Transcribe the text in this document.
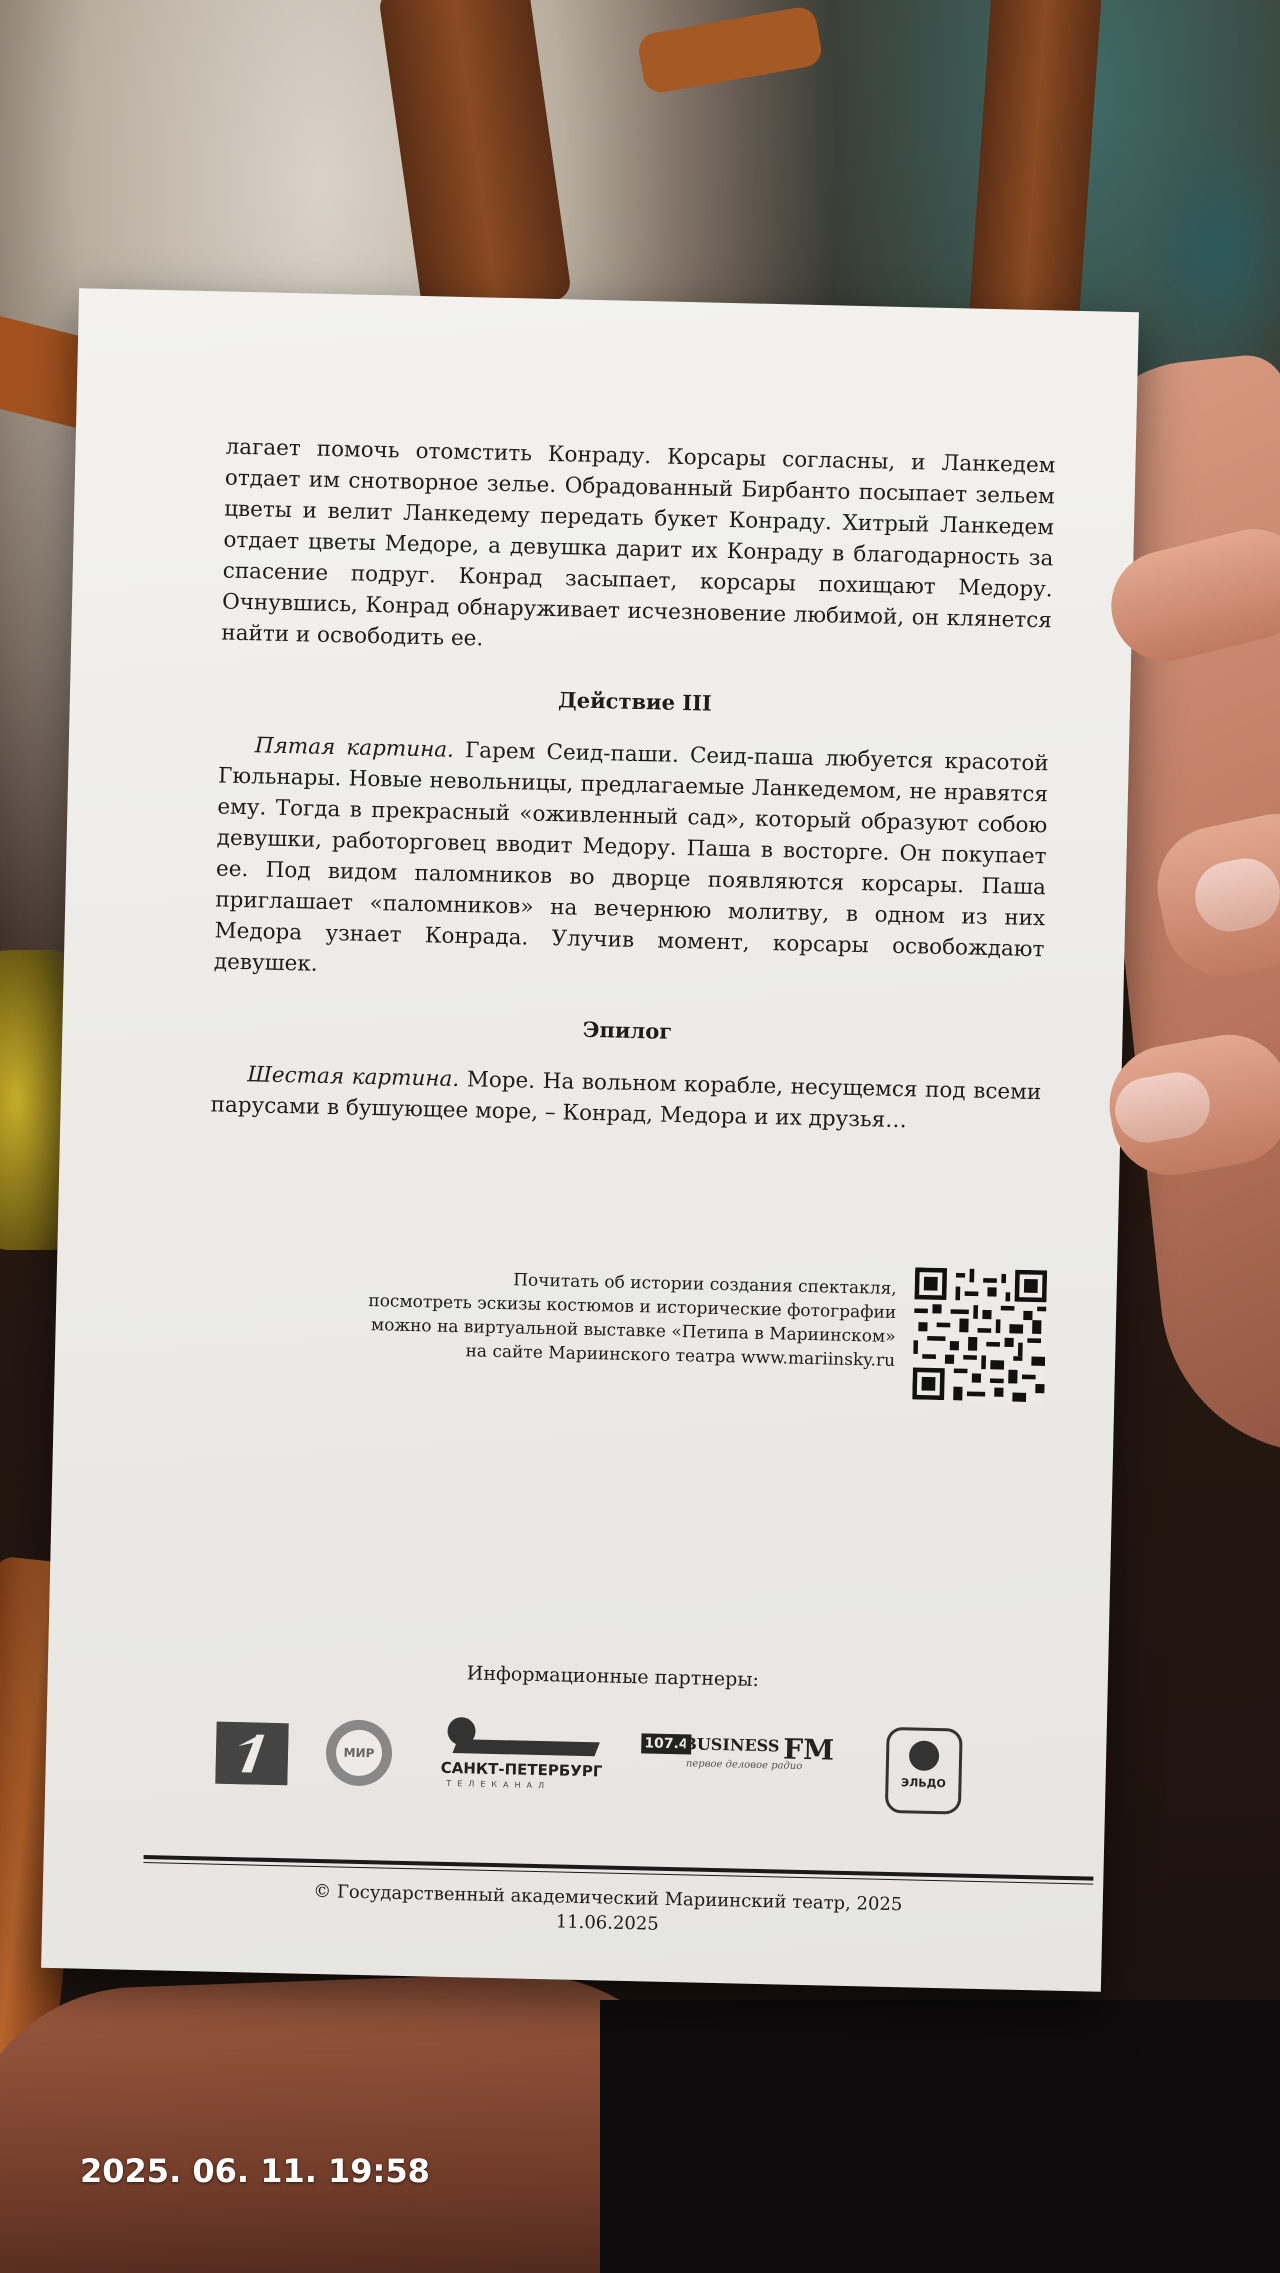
лагает помочь отомстить Конраду. Корсары согласны, и Ланкедем отдает им снотворное зелье. Обрадованный Бирбанто посыпает зельем цветы и велит Ланкедему передать букет Конраду. Хитрый Ланкедем отдает цветы Медоре, а девушка дарит их Конраду в благодарность за спасение подруг. Конрад засыпает, корсары похищают Медору. Очнувшись, Конрад обнаруживает исчезновение любимой, он клянется найти и освободить ее.

Действие III

Пятая картина. Гарем Сеид-паши. Сеид-паша любуется красотой Гюльнары. Новые невольницы, предлагаемые Ланкедемом, не нравятся ему. Тогда в прекрасный «оживленный сад», который образуют собою девушки, работорговец вводит Медору. Паша в восторге. Он покупает ее. Под видом паломников во дворце появляются корсары. Паша приглашает «паломников» на вечернюю молитву, в одном из них Медора узнает Конрада. Улучив момент, корсары освобождают девушек.

Эпилог

Шестая картина. Море. На вольном корабле, несущемся под всеми парусами в бушующее море, – Конрад, Медора и их друзья…

Почитать об истории создания спектакля,
посмотреть эскизы костюмов и исторические фотографии
можно на виртуальной выставке «Петипа в Мариинском»
на сайте Мариинского театра www.mariinsky.ru
Информационные партнеры:
МИР
САНКТ-ПЕТЕРБУРГ
ТЕЛЕКАНАЛ
107.4
BUSINESS FM
первое деловое радио
ЭЛЬДО
© Государственный академический Мариинский театр, 2025
11.06.2025
2025. 06. 11. 19:58
